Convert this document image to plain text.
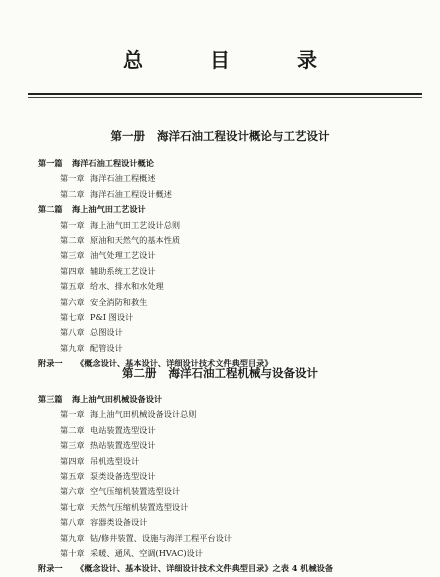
总 目 录
第一册 海洋石油工程设计概论与工艺设计
第一篇 海洋石油工程设计概论
第一章 海洋石油工程概述
第二章 海洋石油工程设计概述
第二篇 海上油气田工艺设计
第一章 海上油气田工艺设计总则
第二章 原油和天然气的基本性质
第三章 油气处理工艺设计
第四章 辅助系统工艺设计
第五章 给水、排水和水处理
第六章 安全消防和救生
第七章 P&I 图设计
第八章 总图设计
第九章 配管设计
附录一 《概念设计、基本设计、详细设计技术文件典型目录》
第二册 海洋石油工程机械与设备设计
第三篇 海上油气田机械设备设计
第一章 海上油气田机械设备设计总则
第二章 电站装置选型设计
第三章 热站装置选型设计
第四章 吊机选型设计
第五章 泵类设备选型设计
第六章 空气压缩机装置选型设计
第七章 天然气压缩机装置选型设计
第八章 容器类设备设计
第九章 钻/修井装置、设施与海洋工程平台设计
第十章 采暖、通风、空调(HVAC)设计
附录一 《概念设计、基本设计、详细设计技术文件典型目录》之表 4 机械设备
